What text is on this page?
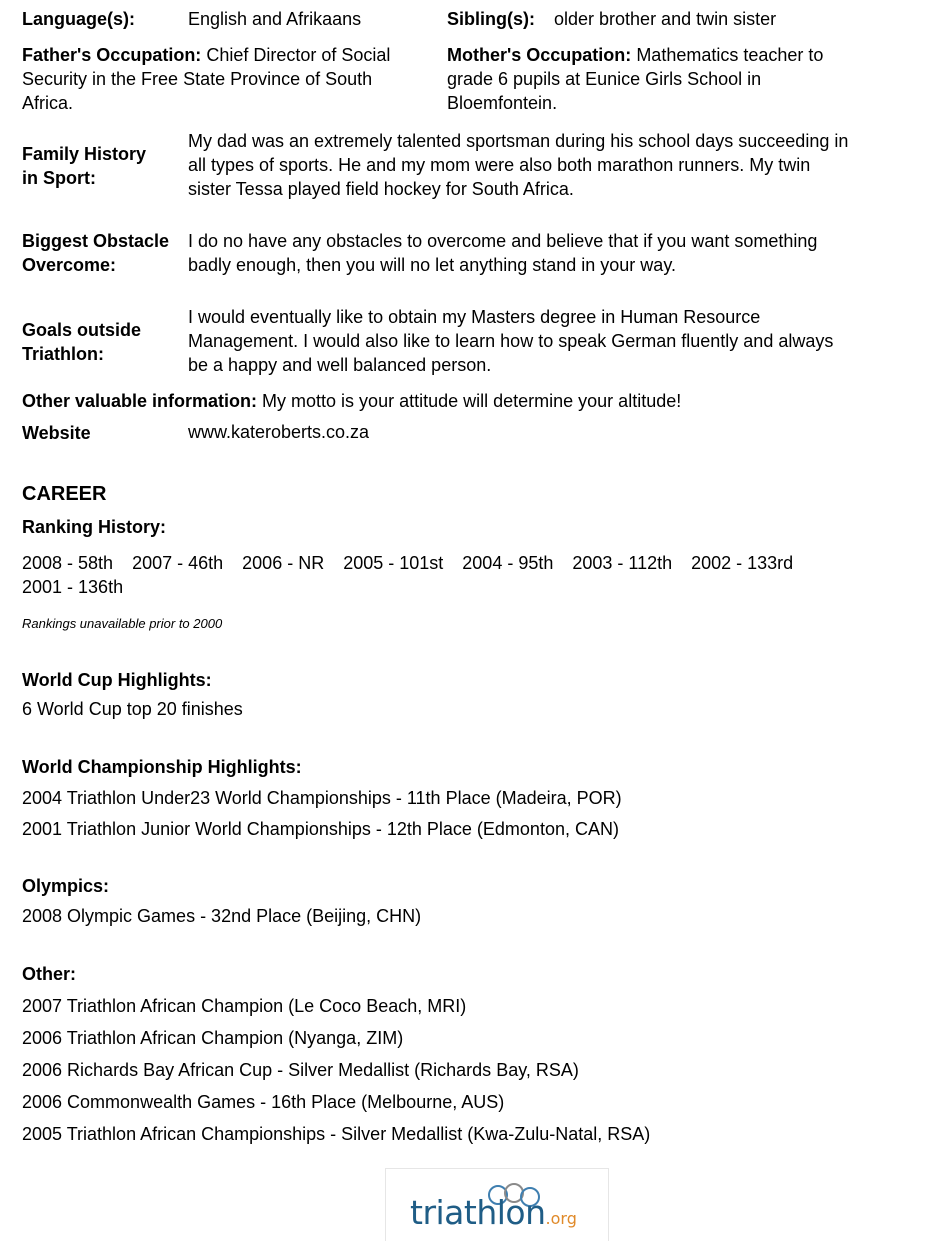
Language(s):	English and Afrikaans	Sibling(s): older brother and twin sister
Father's Occupation: Chief Director of Social
Security in the Free State Province of South
Africa.
Mother's Occupation: Mathematics teacher to
grade 6 pupils at Eunice Girls School in
Bloemfontein.
Family History
in Sport:
My dad was an extremely talented sportsman during his school days succeeding in
all types of sports. He and my mom were also both marathon runners. My twin
sister Tessa played field hockey for South Africa.
Biggest Obstacle
Overcome:
I do no have any obstacles to overcome and believe that if you want something
badly enough, then you will no let anything stand in your way.
Goals outside
Triathlon:
I would eventually like to obtain my Masters degree in Human Resource
Management. I would also like to learn how to speak German fluently and always
be a happy and well balanced person.
Other valuable information: My motto is your attitude will determine your altitude!
Website	www.kateroberts.co.za
CAREER
Ranking History:
2008 - 58th 2007 - 46th 2006 - NR 2005 - 101st 2004 - 95th 2003 - 112th 2002 - 133rd
2001 - 136th
Rankings unavailable prior to 2000
World Cup Highlights:
6 World Cup top 20 finishes
World Championship Highlights:
2004 Triathlon Under23 World Championships - 11th Place (Madeira, POR)
2001 Triathlon Junior World Championships - 12th Place (Edmonton, CAN)
Olympics:
2008 Olympic Games - 32nd Place (Beijing, CHN)
Other:
2007 Triathlon African Champion (Le Coco Beach, MRI)
2006 Triathlon African Champion (Nyanga, ZIM)
2006 Richards Bay African Cup - Silver Medallist (Richards Bay, RSA)
2006 Commonwealth Games - 16th Place (Melbourne, AUS)
2005 Triathlon African Championships - Silver Medallist (Kwa-Zulu-Natal, RSA)
triathlon.org
